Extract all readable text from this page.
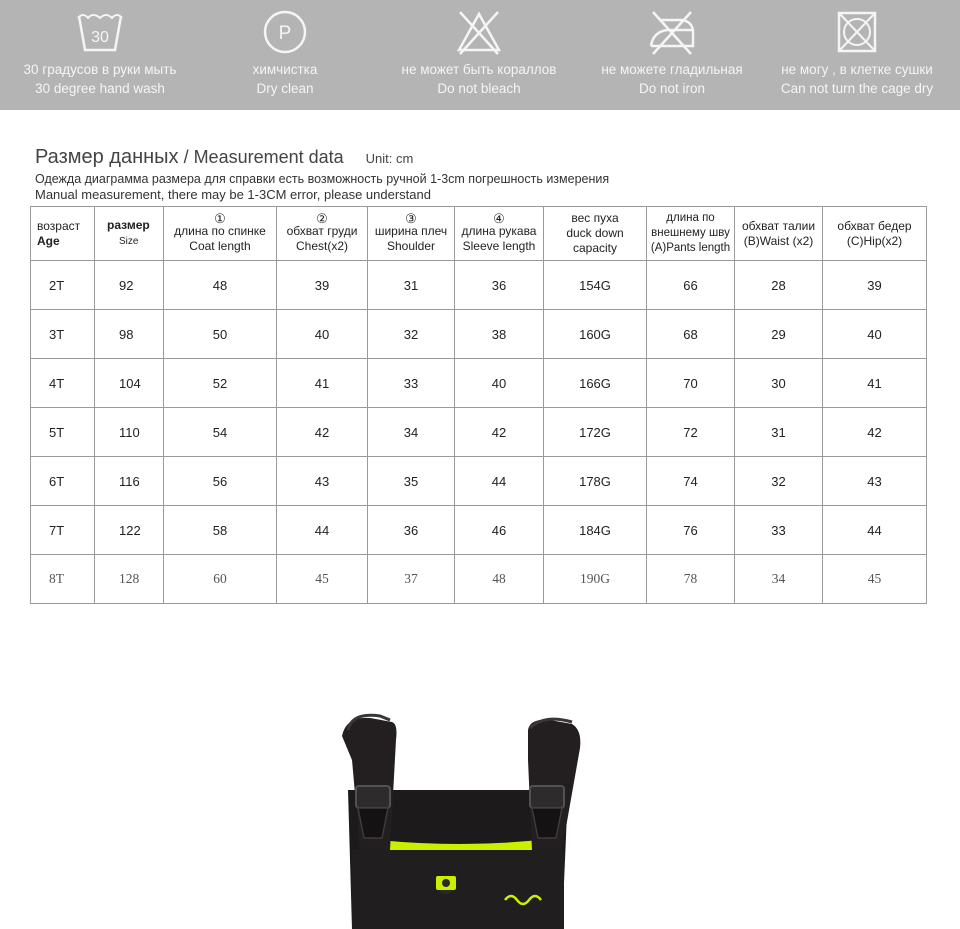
30
30 градусов в руки мыть
30 degree hand wash
P
химчистка
Dry clean
не может быть кораллов
Do not bleach
не можете гладильная
Do not iron
не могу , в клетке сушки
Can not turn the cage dry
Размер данных / Measurement data Unit: cm
Одежда диаграмма размера для справки есть возможность ручной 1-3cm погрешность измерения
Manual measurement, there may be 1-3CM error, please understand
возраст
Age	размер
Size	①
длина по спинке
Coat length	②
обхват груди
Chest(x2)	③
ширина плеч
Shoulder	④
длина рукава
Sleeve length	вес пуха
duck down
capacity	длина по
внешнему шву
(A)Pants length	обхват талии
(B)Waist (x2)	обхват бедер
(C)Hip(x2)
2T	92	48	39	31	36	154G	66	28	39
3T	98	50	40	32	38	160G	68	29	40
4T	104	52	41	33	40	166G	70	30	41
5T	110	54	42	34	42	172G	72	31	42
6T	116	56	43	35	44	178G	74	32	43
7T	122	58	44	36	46	184G	76	33	44
8T	128	60	45	37	48	190G	78	34	45
